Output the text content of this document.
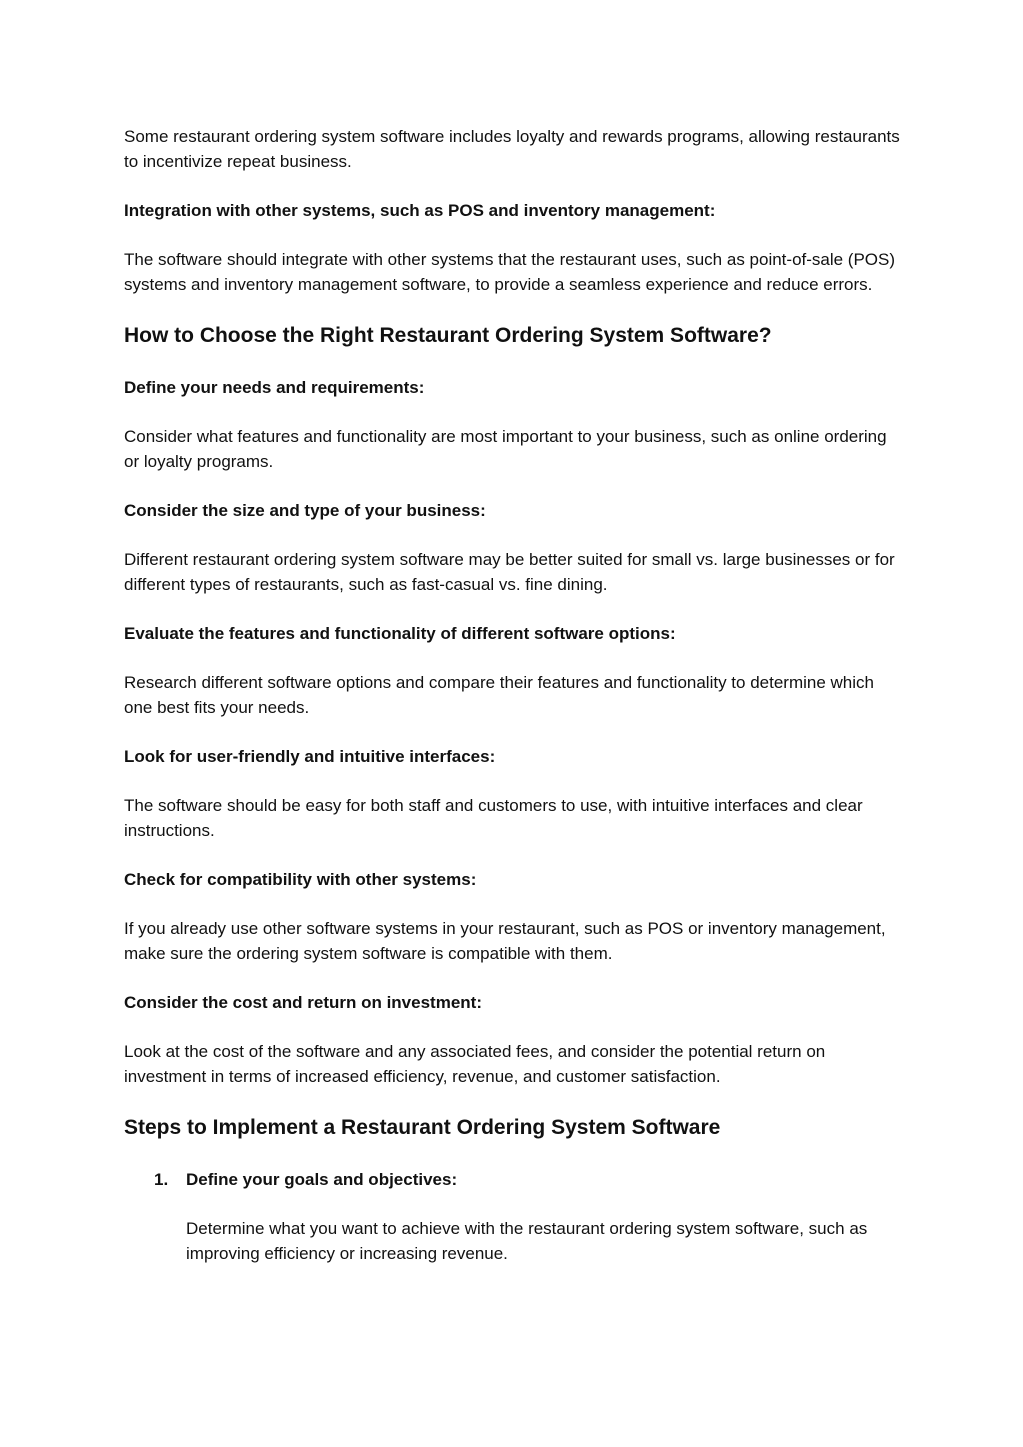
Some restaurant ordering system software includes loyalty and rewards programs, allowing restaurants to incentivize repeat business.

Integration with other systems, such as POS and inventory management:

The software should integrate with other systems that the restaurant uses, such as point-of-sale (POS) systems and inventory management software, to provide a seamless experience and reduce errors.

How to Choose the Right Restaurant Ordering System Software?

Define your needs and requirements:

Consider what features and functionality are most important to your business, such as online ordering or loyalty programs.

Consider the size and type of your business:

Different restaurant ordering system software may be better suited for small vs. large businesses or for different types of restaurants, such as fast-casual vs. fine dining.

Evaluate the features and functionality of different software options:

Research different software options and compare their features and functionality to determine which one best fits your needs.

Look for user-friendly and intuitive interfaces:

The software should be easy for both staff and customers to use, with intuitive interfaces and clear instructions.

Check for compatibility with other systems:

If you already use other software systems in your restaurant, such as POS or inventory management, make sure the ordering system software is compatible with them.

Consider the cost and return on investment:

Look at the cost of the software and any associated fees, and consider the potential return on investment in terms of increased efficiency, revenue, and customer satisfaction.

Steps to Implement a Restaurant Ordering System Software
1. Define your goals and objectives:

Determine what you want to achieve with the restaurant ordering system software, such as improving efficiency or increasing revenue.
